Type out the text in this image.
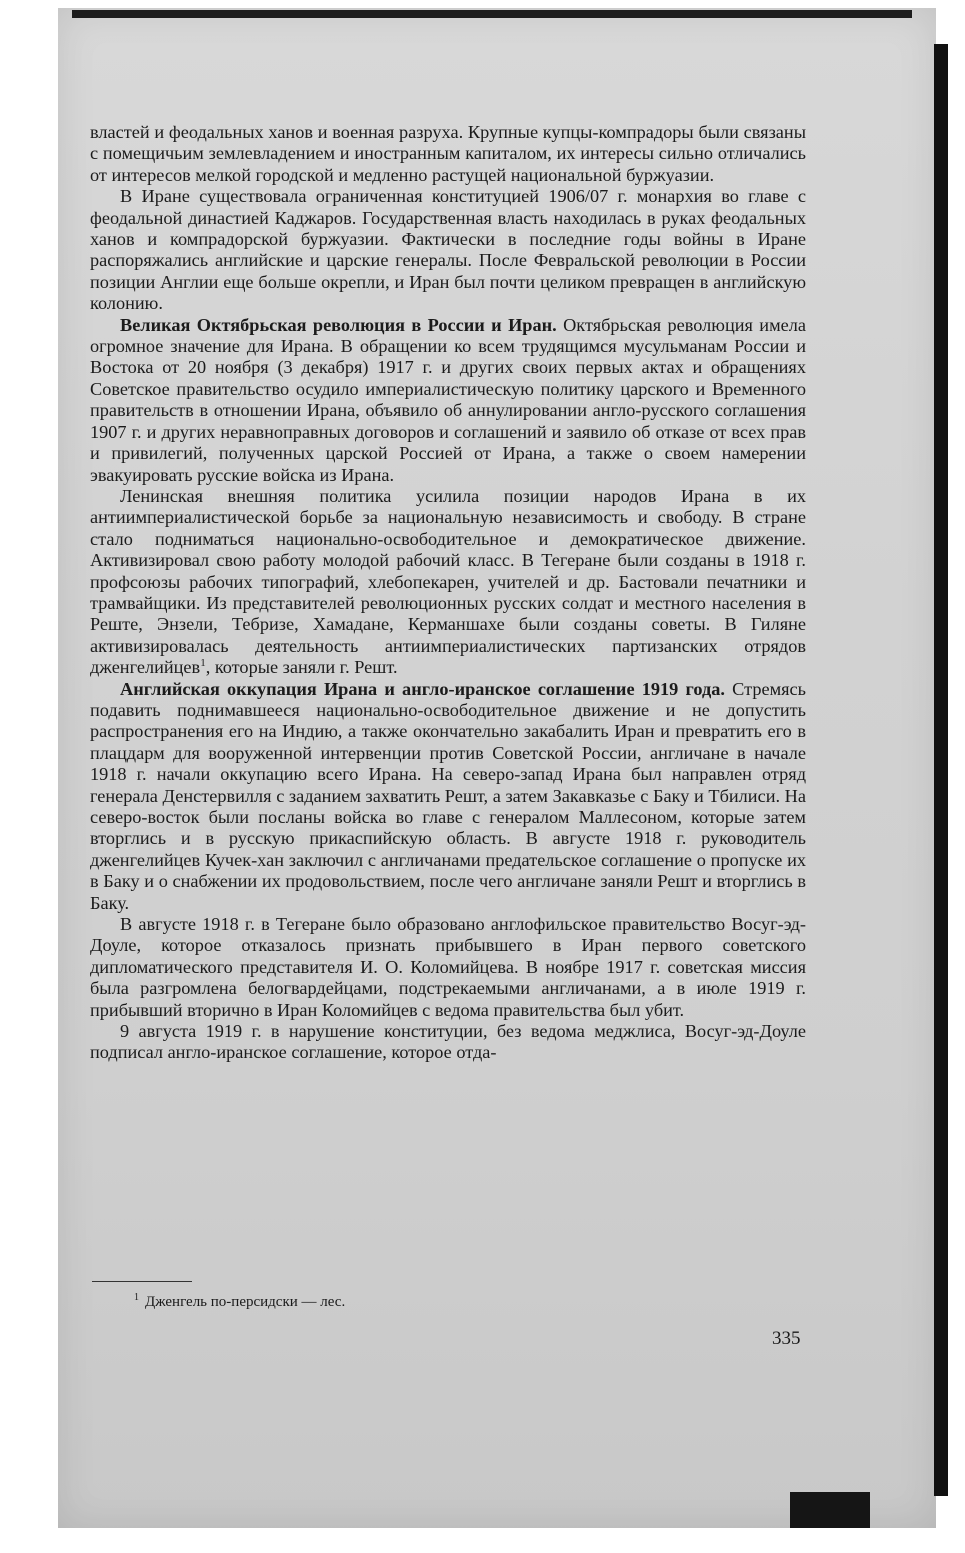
властей и феодальных ханов и военная разруха. Крупные купцы-компрадоры были связаны с помещичьим землевладением и иностранным капиталом, их интересы сильно отличались от интересов мелкой городской и медленно растущей национальной буржуазии.

В Иране существовала ограниченная конституцией 1906/07 г. монархия во главе с феодальной династией Каджаров. Государственная власть находилась в руках феодальных ханов и компрадорской буржуазии. Фактически в последние годы войны в Иране распоряжались английские и царские генералы. После Февральской революции в России позиции Англии еще больше окрепли, и Иран был почти целиком превращен в английскую колонию.

Великая Октябрьская революция в России и Иран. Октябрьская революция имела огромное значение для Ирана. В обращении ко всем трудящимся мусульманам России и Востока от 20 ноября (3 декабря) 1917 г. и других своих первых актах и обращениях Советское правительство осудило империалистическую политику царского и Временного правительств в отношении Ирана, объявило об аннулировании англо-русского соглашения 1907 г. и других неравноправных договоров и соглашений и заявило об отказе от всех прав и привилегий, полученных царской Россией от Ирана, а также о своем намерении эвакуировать русские войска из Ирана.

Ленинская внешняя политика усилила позиции народов Ирана в их антиимпериалистической борьбе за национальную независимость и свободу. В стране стало подниматься национально-освободительное и демократическое движение. Активизировал свою работу молодой рабочий класс. В Тегеране были созданы в 1918 г. профсоюзы рабочих типографий, хлебопекарен, учителей и др. Бастовали печатники и трамвайщики. Из представителей революционных русских солдат и местного населения в Реште, Энзели, Тебризе, Хамадане, Керманшахе были созданы советы. В Гиляне активизировалась деятельность антиимпериалистических партизанских отрядов дженгелийцев$^1$, которые заняли г. Решт.

Английская оккупация Ирана и англо-иранское соглашение 1919 года. Стремясь подавить поднимавшееся национально-освободительное движение и не допустить распространения его на Индию, а также окончательно закабалить Иран и превратить его в плацдарм для вооруженной интервенции против Советской России, англичане в начале 1918 г. начали оккупацию всего Ирана. На северо-запад Ирана был направлен отряд генерала Денстервилля с заданием захватить Решт, а затем Закавказье с Баку и Тбилиси. На северо-восток были посланы войска во главе с генералом Маллесоном, которые затем вторглись и в русскую прикаспийскую область. В августе 1918 г. руководитель дженгелийцев Кучек-хан заключил с англичанами предательское соглашение о пропуске их в Баку и о снабжении их продовольствием, после чего англичане заняли Решт и вторглись в Баку.

В августе 1918 г. в Тегеране было образовано англофильское правительство Восуг-эд-Доуле, которое отказалось признать прибывшего в Иран первого советского дипломатического представителя И. О. Коломийцева. В ноябре 1917 г. советская миссия была разгромлена белогвардейцами, подстрекаемыми англичанами, а в июле 1919 г. прибывший вторично в Иран Коломийцев с ведома правительства был убит.

9 августа 1919 г. в нарушение конституции, без ведома меджлиса, Восуг-эд-Доуле подписал англо-иранское соглашение, которое отда-

$^1$ Дженгель по-персидски — лес.
335
